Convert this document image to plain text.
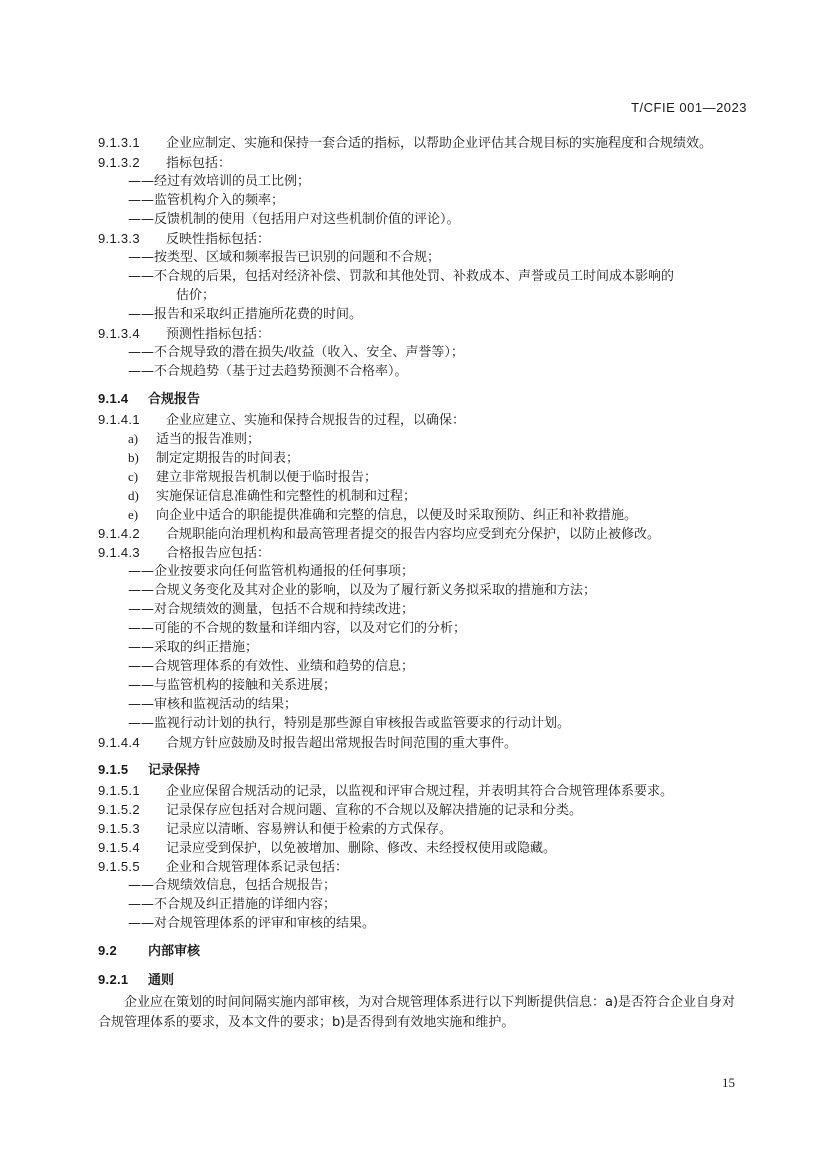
T/CFIE 001—2023
9.1.3.1 企业应制定、实施和保持一套合适的指标，以帮助企业评估其合规目标的实施程度和合规绩效。
9.1.3.2 指标包括：
——经过有效培训的员工比例；
——监管机构介入的频率；
——反馈机制的使用（包括用户对这些机制价值的评论）。
9.1.3.3 反映性指标包括：
——按类型、区域和频率报告已识别的问题和不合规；
——不合规的后果，包括对经济补偿、罚款和其他处罚、补救成本、声誉或员工时间成本影响的
估价；
——报告和采取纠正措施所花费的时间。
9.1.3.4 预测性指标包括：
——不合规导致的潜在损失/收益（收入、安全、声誉等）；
——不合规趋势（基于过去趋势预测不合格率）。
9.1.4 合规报告
9.1.4.1 企业应建立、实施和保持合规报告的过程，以确保：
a) 适当的报告准则；
b) 制定定期报告的时间表；
c) 建立非常规报告机制以便于临时报告；
d) 实施保证信息准确性和完整性的机制和过程；
e) 向企业中适合的职能提供准确和完整的信息，以便及时采取预防、纠正和补救措施。
9.1.4.2 合规职能向治理机构和最高管理者提交的报告内容均应受到充分保护，以防止被修改。
9.1.4.3 合格报告应包括：
——企业按要求向任何监管机构通报的任何事项；
——合规义务变化及其对企业的影响，以及为了履行新义务拟采取的措施和方法；
——对合规绩效的测量，包括不合规和持续改进；
——可能的不合规的数量和详细内容，以及对它们的分析；
——采取的纠正措施；
——合规管理体系的有效性、业绩和趋势的信息；
——与监管机构的接触和关系进展；
——审核和监视活动的结果；
——监视行动计划的执行，特别是那些源自审核报告或监管要求的行动计划。
9.1.4.4 合规方针应鼓励及时报告超出常规报告时间范围的重大事件。
9.1.5 记录保持
9.1.5.1 企业应保留合规活动的记录，以监视和评审合规过程，并表明其符合合规管理体系要求。
9.1.5.2 记录保存应包括对合规问题、宣称的不合规以及解决措施的记录和分类。
9.1.5.3 记录应以清晰、容易辨认和便于检索的方式保存。
9.1.5.4 记录应受到保护，以免被增加、删除、修改、未经授权使用或隐藏。
9.1.5.5 企业和合规管理体系记录包括：
——合规绩效信息，包括合规报告；
——不合规及纠正措施的详细内容；
——对合规管理体系的评审和审核的结果。
9.2 内部审核
9.2.1 通则
企业应在策划的时间间隔实施内部审核，为对合规管理体系进行以下判断提供信息：a)是否符合企业自身对合规管理体系的要求，及本文件的要求；b)是否得到有效地实施和维护。
15
